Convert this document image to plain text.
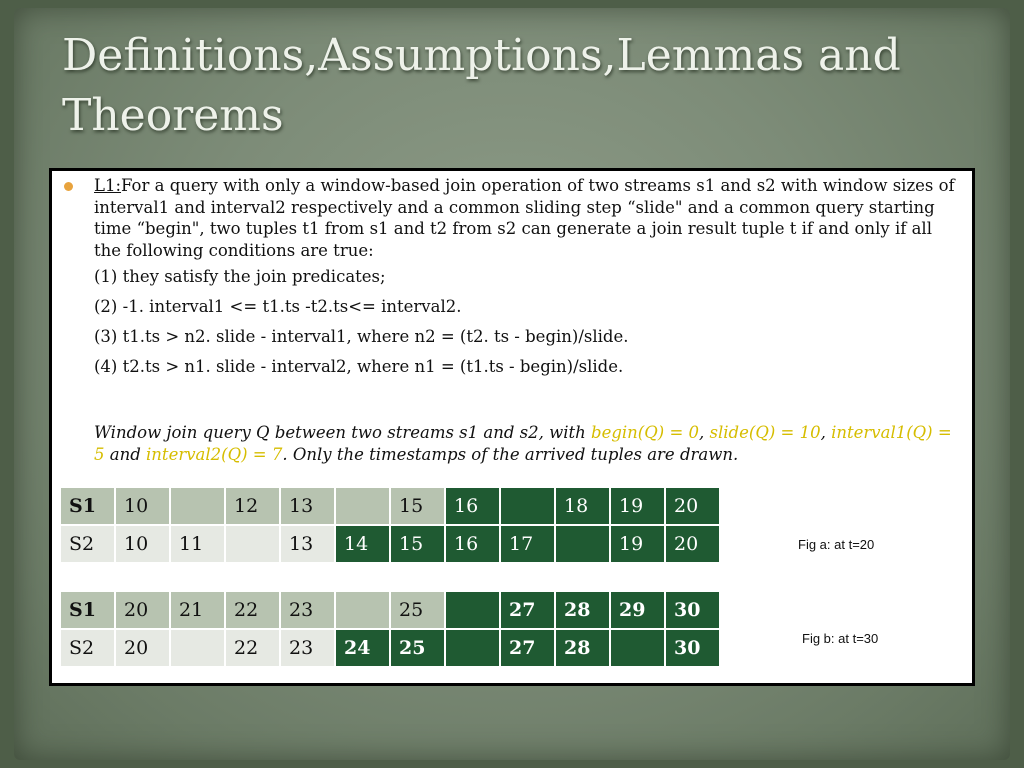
Definitions,Assumptions,Lemmas and Theorems

L1:For a query with only a window-based join operation of two streams s1 and s2 with window sizes of interval1 and interval2 respectively and a common sliding step “slide" and a common query starting time “begin", two tuples t1 from s1 and t2 from s2 can generate a join result tuple t if and only if all the following conditions are true:

(1) they satisfy the join predicates;

(2) -1. interval1 <= t1.ts -t2.ts<= interval2.

(3) t1.ts > n2. slide - interval1, where n2 = (t2. ts - begin)/slide.

(4) t2.ts > n1. slide - interval2, where n1 = (t1.ts - begin)/slide.

Window join query Q between two streams s1 and s2, with begin(Q) = 0, slide(Q) = 10, interval1(Q) = 5 and interval2(Q) = 7. Only the timestamps of the arrived tuples are drawn.

S1	10		12	13		15	16		18	19	20
S2	10	11		13	14	15	16	17		19	20	Fig a: at t=20
S1	20	21	22	23		25		27	28	29	30
S2	20		22	23	24	25		27	28		30	Fig b: at t=30
